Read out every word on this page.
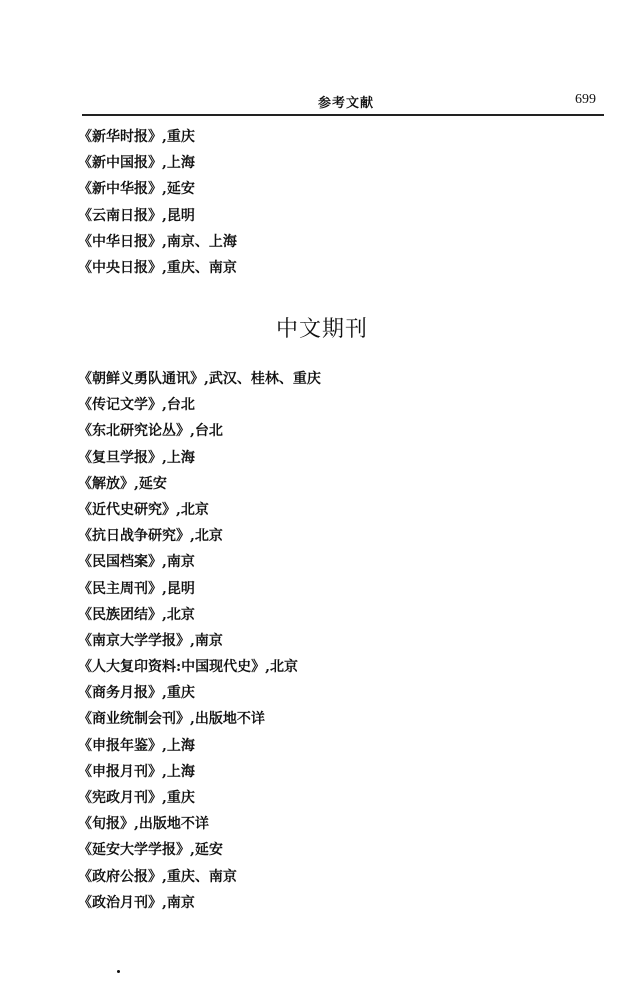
参考文献	699
《新华时报》,重庆
《新中国报》,上海
《新中华报》,延安
《云南日报》,昆明
《中华日报》,南京、上海
《中央日报》,重庆、南京
中文期刊
《朝鲜义勇队通讯》,武汉、桂林、重庆
《传记文学》,台北
《东北研究论丛》,台北
《复旦学报》,上海
《解放》,延安
《近代史研究》,北京
《抗日战争研究》,北京
《民国档案》,南京
《民主周刊》,昆明
《民族团结》,北京
《南京大学学报》,南京
《人大复印资料:中国现代史》,北京
《商务月报》,重庆
《商业统制会刊》,出版地不详
《申报年鉴》,上海
《申报月刊》,上海
《宪政月刊》,重庆
《旬报》,出版地不详
《延安大学学报》,延安
《政府公报》,重庆、南京
《政治月刊》,南京
